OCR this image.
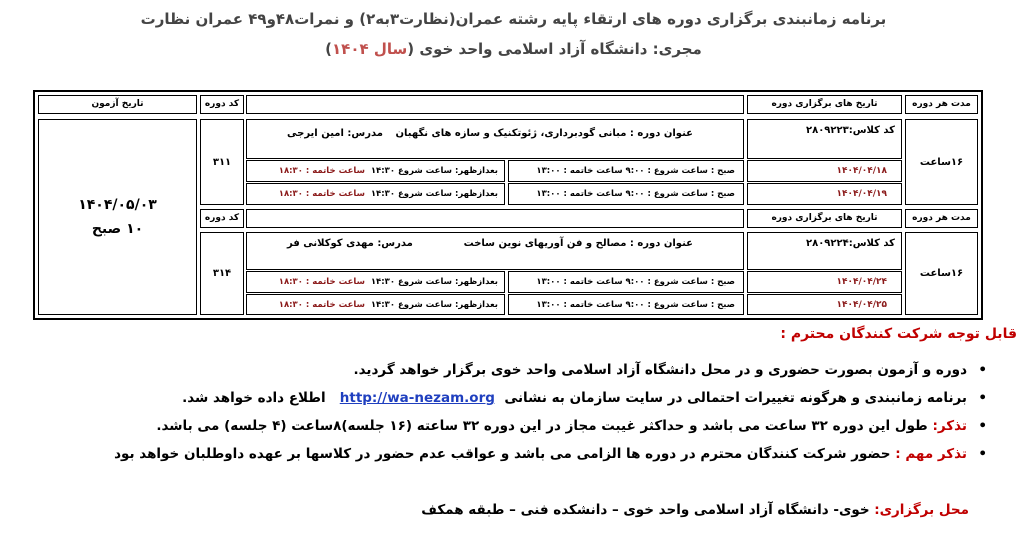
برنامه زمانبندی برگزاری دوره های ارتقاء پایه رشته عمران(نظارت۳به۲) و نمرات۴۸و۴۹ عمران نظارت
مجری: دانشگاه آزاد اسلامی واحد خوی (سال ۱۴۰۴)
مدت هر دوره
تاریخ های برگزاری دوره
کد دوره
تاریخ آزمون
۱۴۰۴/۰۵/۰۳
۱۰ صبح
۱۶ساعت
کد کلاس:۲۸۰۹۲۲۳
عنوان دوره : مبانی گودبرداری، ژئوتکنیک و سازه های نگهبان
مدرس: امین ایرجی
۳۱۱
۱۴۰۴/۰۴/۱۸
صبح : ساعت شروع : ۹:۰۰ ساعت خاتمه : ۱۳:۰۰
بعدازظهر: ساعت شروع ۱۴:۳۰  ساعت خاتمه : ۱۸:۳۰
۱۴۰۴/۰۴/۱۹
صبح : ساعت شروع : ۹:۰۰ ساعت خاتمه : ۱۳:۰۰
بعدازظهر: ساعت شروع ۱۴:۳۰  ساعت خاتمه : ۱۸:۳۰
مدت هر دوره
تاریخ های برگزاری دوره
کد دوره
۱۶ساعت
کد کلاس:۲۸۰۹۲۲۴
عنوان دوره : مصالح و فن آوریهای نوین ساخت
مدرس: مهدی کوکلانی فر
۳۱۴
۱۴۰۴/۰۴/۲۴
صبح : ساعت شروع : ۹:۰۰ ساعت خاتمه : ۱۳:۰۰
بعدازظهر: ساعت شروع ۱۴:۳۰  ساعت خاتمه : ۱۸:۳۰
۱۴۰۴/۰۴/۲۵
صبح : ساعت شروع : ۹:۰۰ ساعت خاتمه : ۱۳:۰۰
بعدازظهر: ساعت شروع ۱۴:۳۰  ساعت خاتمه : ۱۸:۳۰
قابل توجه شرکت کنندگان محترم :
•
دوره و آزمون بصورت حضوری و در محل دانشگاه آزاد اسلامی واحد خوی برگزار خواهد گردید.
•
برنامه زمانبندی و هرگونه تغییرات احتمالی در سایت سازمان به نشانی  http://wa-nezam.org   اطلاع داده خواهد شد.
•
تذکر: طول این دوره ۳۲ ساعت می باشد و حداکثر غیبت مجاز در این دوره ۳۲ ساعته (۱۶ جلسه)۸ساعت (۴ جلسه) می باشد.
•
تذکر مهم : حضور شرکت کنندگان محترم در دوره ها الزامی می باشد و عواقب عدم حضور در کلاسها بر عهده داوطلبان خواهد بود
محل برگزاری: خوی- دانشگاه آزاد اسلامی واحد خوی – دانشکده فنی – طبقه همکف
